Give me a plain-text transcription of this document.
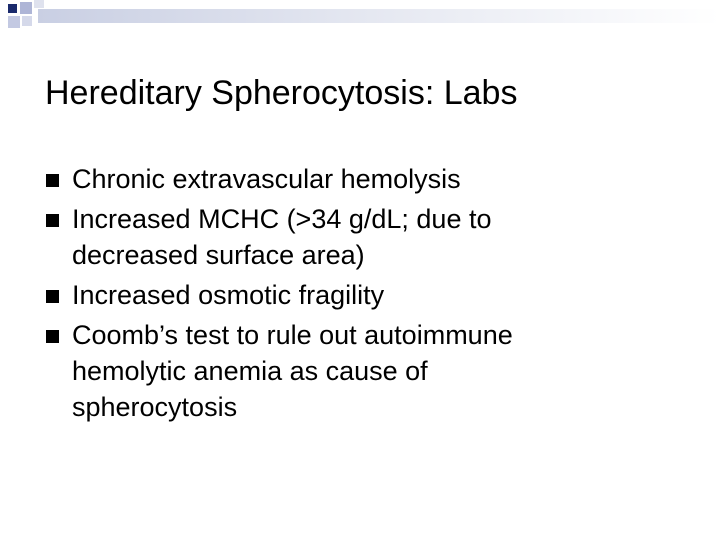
Hereditary Spherocytosis: Labs
Chronic extravascular hemolysis
Increased MCHC (>34 g/dL; due to
decreased surface area)
Increased osmotic fragility
Coomb’s test to rule out autoimmune
hemolytic anemia as cause of
spherocytosis
